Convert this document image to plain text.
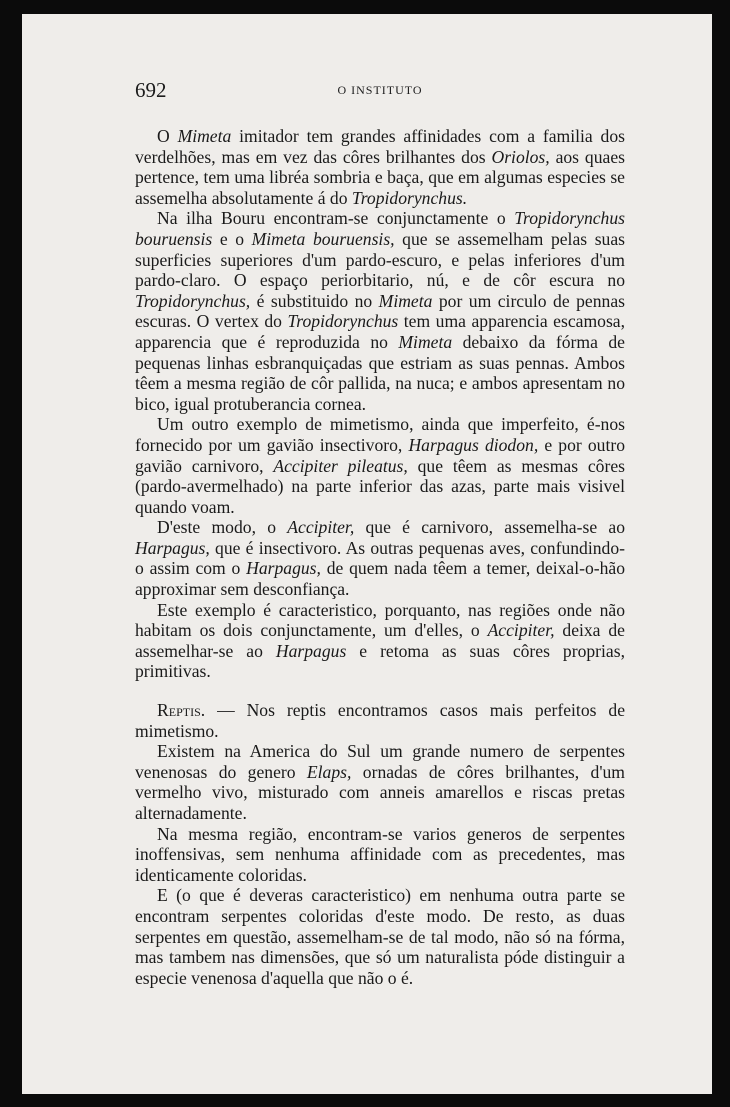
692	O INSTITUTO

O Mimeta imitador tem grandes affinidades com a familia dos verdelhões, mas em vez das côres brilhantes dos Oriolos, aos quaes pertence, tem uma libréa sombria e baça, que em algumas especies se assemelha absolutamente á do Tropidorynchus.

Na ilha Bouru encontram-se conjunctamente o Tropidorynchus bouruensis e o Mimeta bouruensis, que se assemelham pelas suas superficies superiores d'um pardo-escuro, e pelas inferiores d'um pardo-claro. O espaço periorbitario, nú, e de côr escura no Tropidorynchus, é substituido no Mimeta por um circulo de pennas escuras. O vertex do Tropidorynchus tem uma apparencia escamosa, apparencia que é reproduzida no Mimeta debaixo da fórma de pequenas linhas esbranquiçadas que estriam as suas pennas. Ambos têem a mesma região de côr pallida, na nuca; e ambos apresentam no bico, igual protuberancia cornea.

Um outro exemplo de mimetismo, ainda que imperfeito, é-nos fornecido por um gavião insectivoro, Harpagus diodon, e por outro gavião carnivoro, Accipiter pileatus, que têem as mesmas côres (pardo-avermelhado) na parte inferior das azas, parte mais visivel quando voam.

D'este modo, o Accipiter, que é carnivoro, assemelha-se ao Harpagus, que é insectivoro. As outras pequenas aves, confundindo-o assim com o Harpagus, de quem nada têem a temer, deixal-o-hão approximar sem desconfiança.

Este exemplo é caracteristico, porquanto, nas regiões onde não habitam os dois conjunctamente, um d'elles, o Accipiter, deixa de assemelhar-se ao Harpagus e retoma as suas côres proprias, primitivas.

Reptis. — Nos reptis encontramos casos mais perfeitos de mimetismo.

Existem na America do Sul um grande numero de serpentes venenosas do genero Elaps, ornadas de côres brilhantes, d'um vermelho vivo, misturado com anneis amarellos e riscas pretas alternadamente.

Na mesma região, encontram-se varios generos de serpentes inoffensivas, sem nenhuma affinidade com as precedentes, mas identicamente coloridas.

E (o que é deveras caracteristico) em nenhuma outra parte se encontram serpentes coloridas d'este modo. De resto, as duas serpentes em questão, assemelham-se de tal modo, não só na fórma, mas tambem nas dimensões, que só um naturalista póde distinguir a especie venenosa d'aquella que não o é.
